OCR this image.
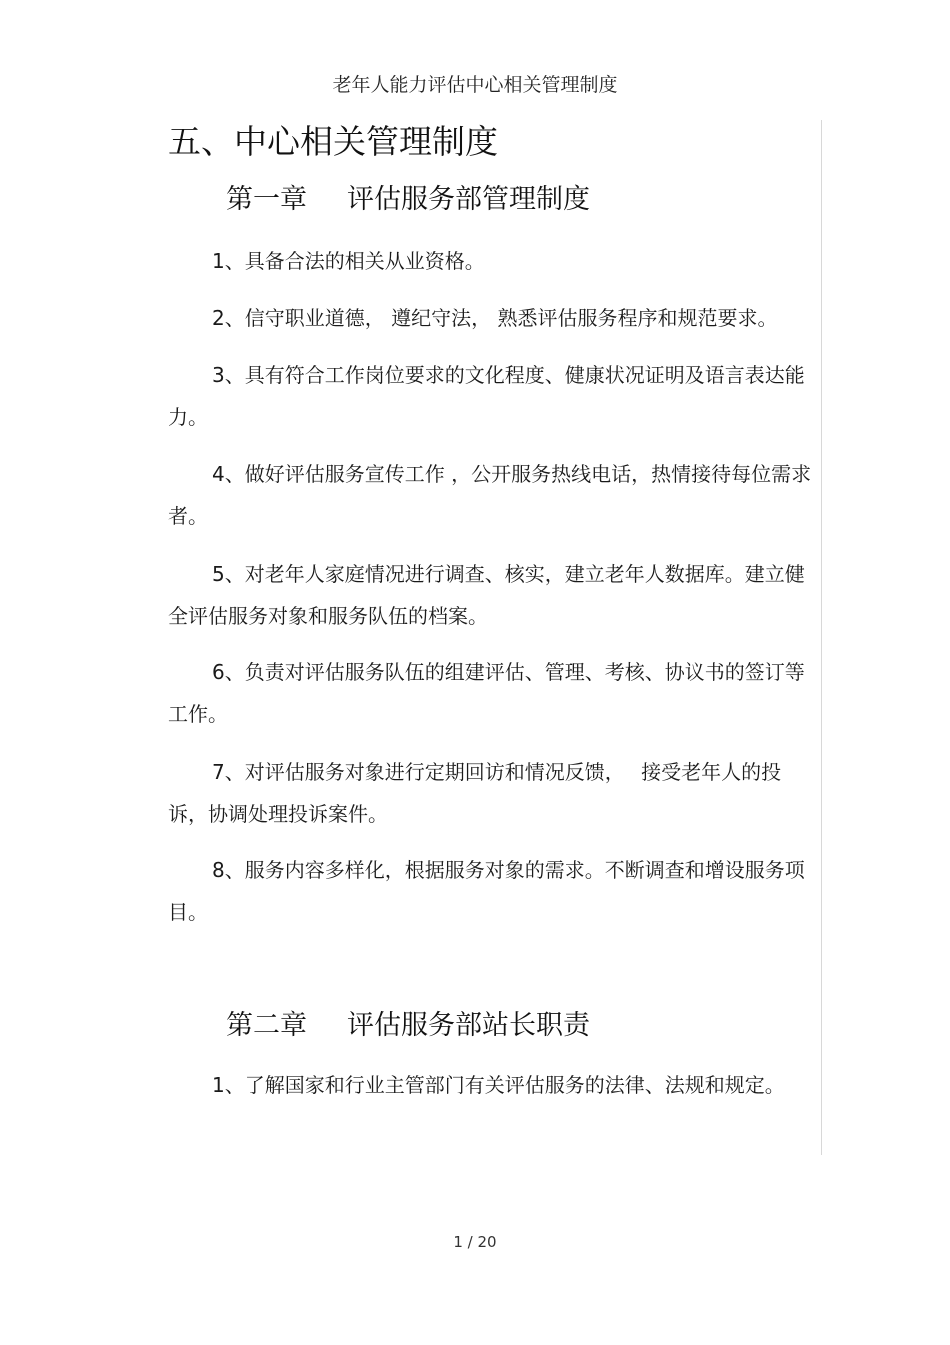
老年人能力评估中心相关管理制度
五、中心相关管理制度
第一章 评估服务部管理制度
1、具备合法的相关从业资格。
2、信守职业道德， 遵纪守法， 熟悉评估服务程序和规范要求。
3、具有符合工作岗位要求的文化程度、健康状况证明及语言表达能力。
4、做好评估服务宣传工作 ，公开服务热线电话，热情接待每位需求者。
5、对老年人家庭情况进行调查、核实，建立老年人数据库。建立健全评估服务对象和服务队伍的档案。
6、负责对评估服务队伍的组建评估、管理、考核、协议书的签订等工作。
7、对评估服务对象进行定期回访和情况反馈，　 接受老年人的投诉，协调处理投诉案件。
8、服务内容多样化，根据服务对象的需求。不断调查和增设服务项目。
第二章 评估服务部站长职责
1、了解国家和行业主管部门有关评估服务的法律、法规和规定。
1 / 20
